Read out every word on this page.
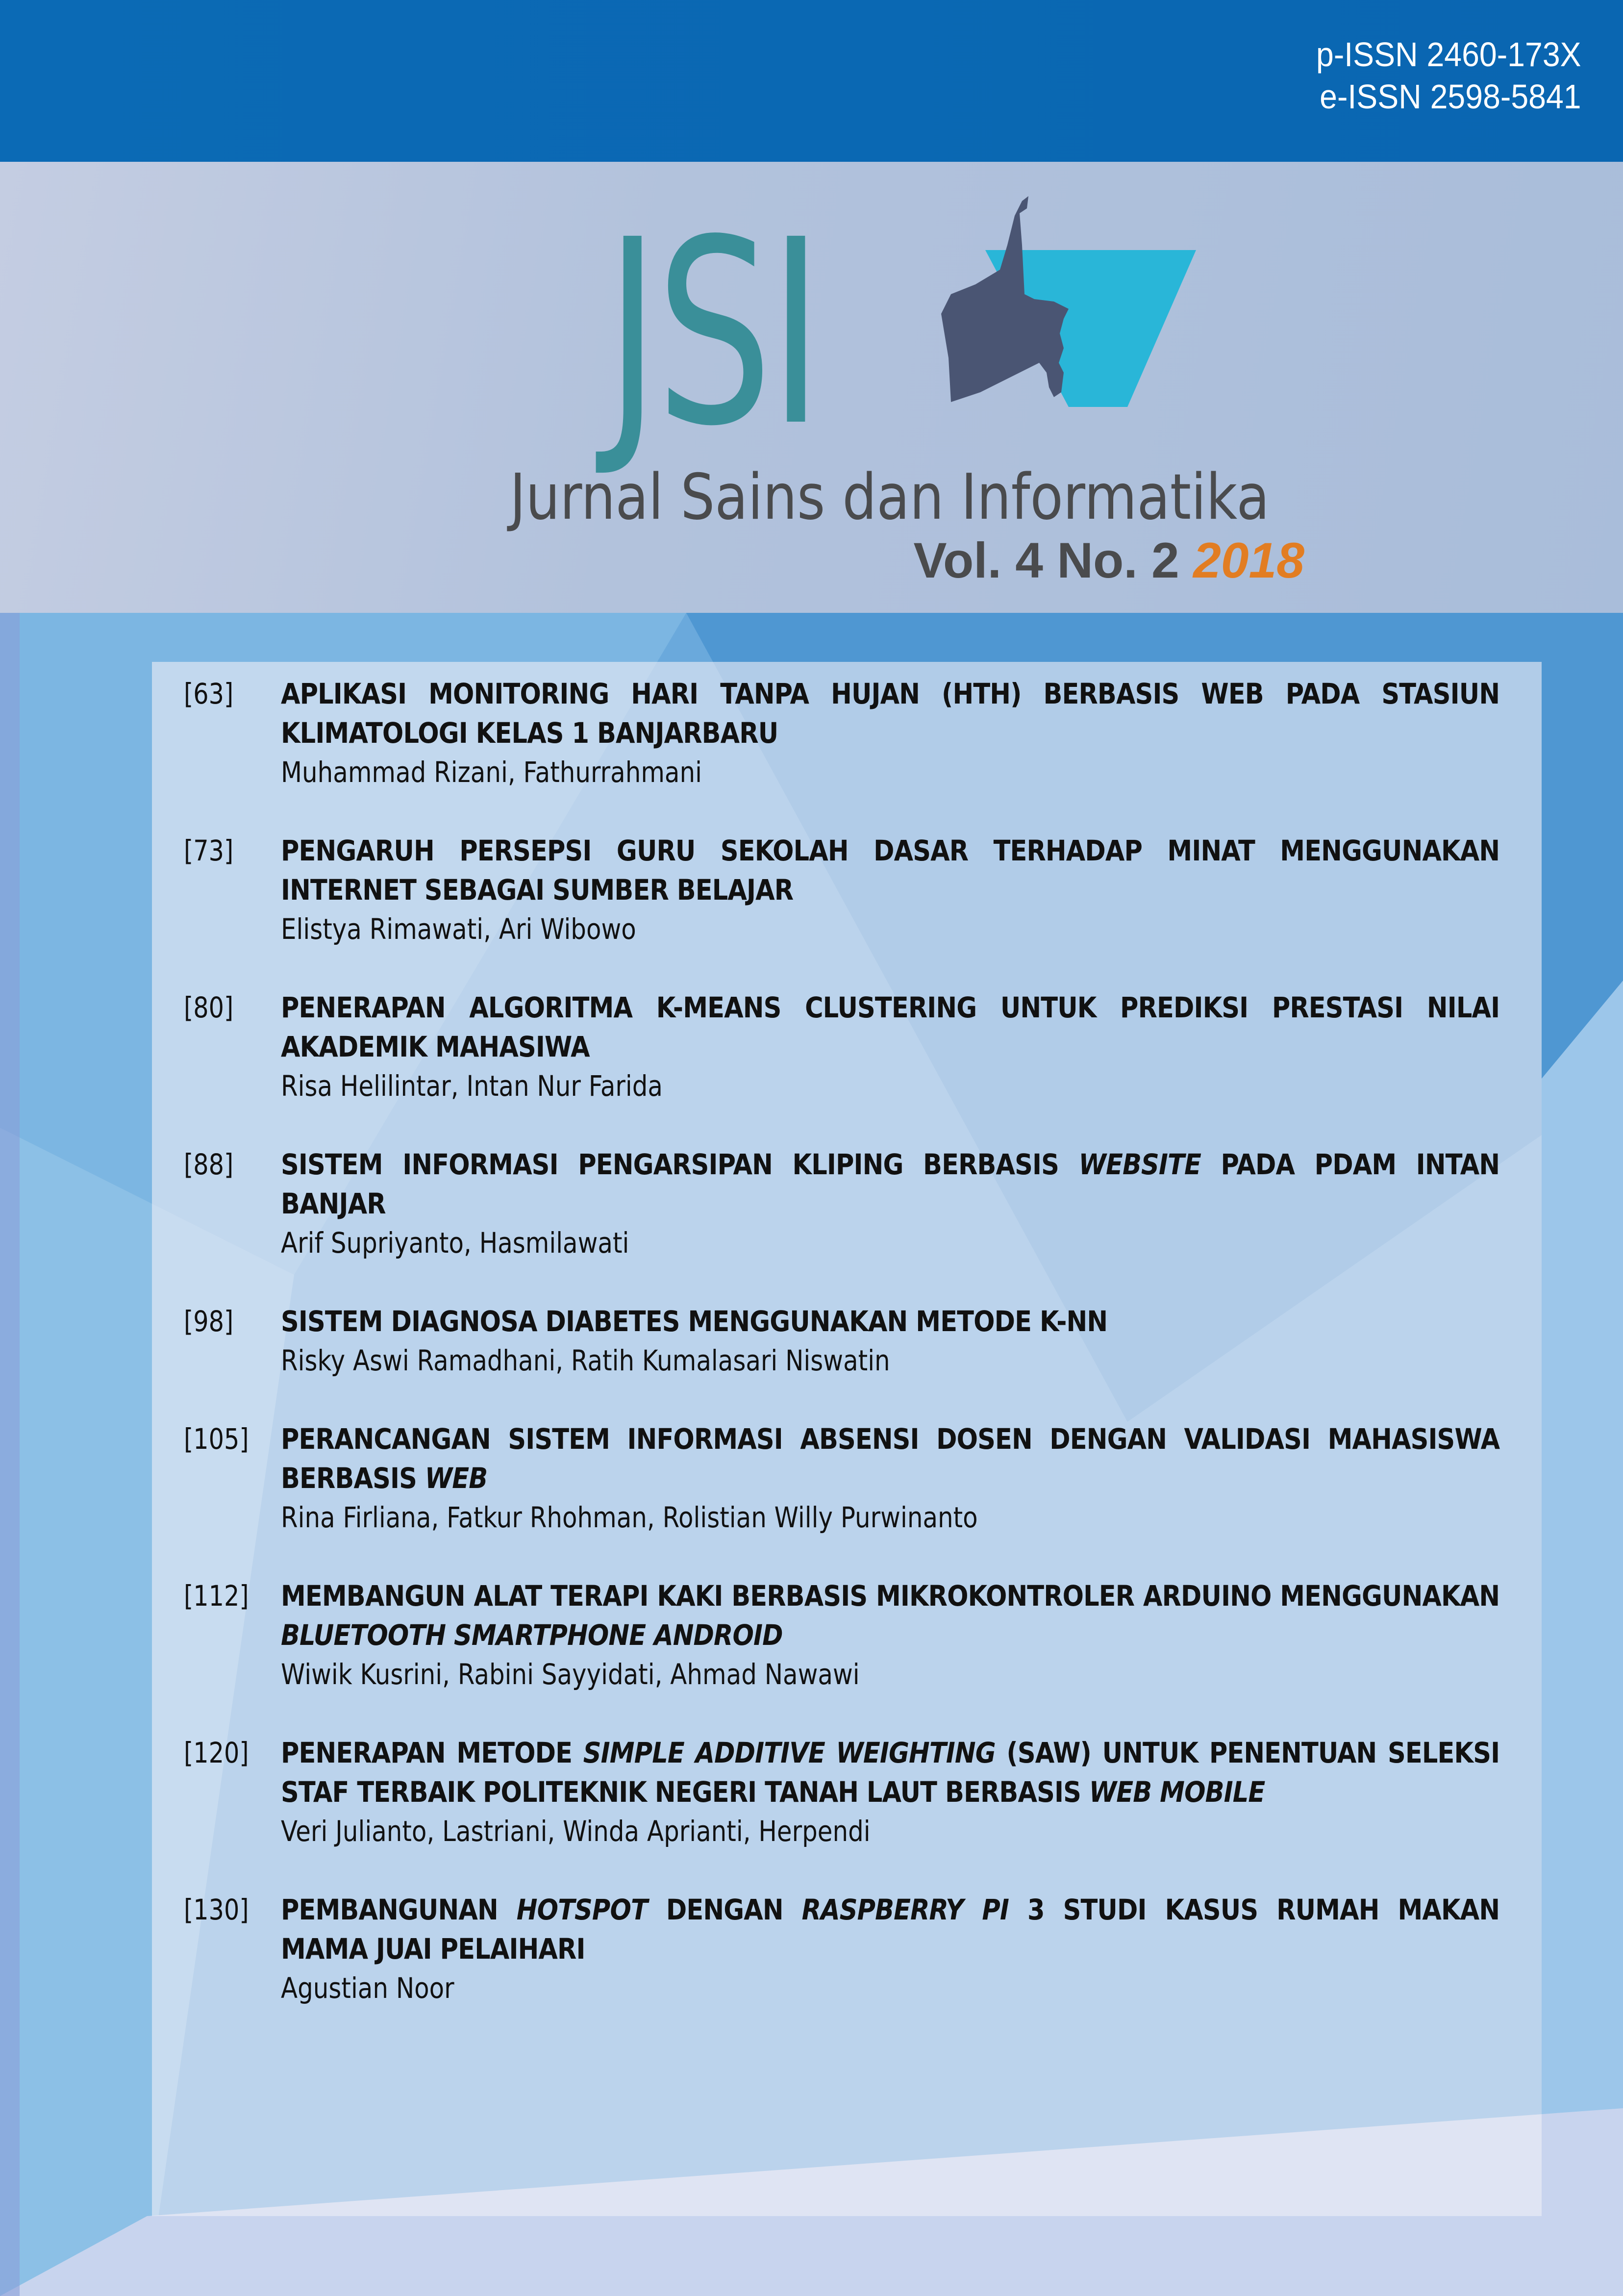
p-ISSN 2460-173X
e-ISSN 2598-5841
JSI
Jurnal Sains dan Informatika
Vol. 4 No. 2 2018
[63] APLIKASI MONITORING HARI TANPA HUJAN (HTH) BERBASIS WEB PADA STASIUN KLIMATOLOGI KELAS 1 BANJARBARU
Muhammad Rizani, Fathurrahmani
[73] PENGARUH PERSEPSI GURU SEKOLAH DASAR TERHADAP MINAT MENGGUNAKAN INTERNET SEBAGAI SUMBER BELAJAR
Elistya Rimawati, Ari Wibowo
[80] PENERAPAN ALGORITMA K-MEANS CLUSTERING UNTUK PREDIKSI PRESTASI NILAI AKADEMIK MAHASIWA
Risa Helilintar, Intan Nur Farida
[88] SISTEM INFORMASI PENGARSIPAN KLIPING BERBASIS WEBSITE PADA PDAM INTAN BANJAR
Arif Supriyanto, Hasmilawati
[98] SISTEM DIAGNOSA DIABETES MENGGUNAKAN METODE K-NN
Risky Aswi Ramadhani, Ratih Kumalasari Niswatin
[105] PERANCANGAN SISTEM INFORMASI ABSENSI DOSEN DENGAN VALIDASI MAHASISWA BERBASIS WEB
Rina Firliana, Fatkur Rhohman, Rolistian Willy Purwinanto
[112] MEMBANGUN ALAT TERAPI KAKI BERBASIS MIKROKONTROLER ARDUINO MENGGUNAKAN BLUETOOTH SMARTPHONE ANDROID
Wiwik Kusrini, Rabini Sayyidati, Ahmad Nawawi
[120] PENERAPAN METODE SIMPLE ADDITIVE WEIGHTING (SAW) UNTUK PENENTUAN SELEKSI STAF TERBAIK POLITEKNIK NEGERI TANAH LAUT BERBASIS WEB MOBILE
Veri Julianto, Lastriani, Winda Aprianti, Herpendi
[130] PEMBANGUNAN HOTSPOT DENGAN RASPBERRY PI 3 STUDI KASUS RUMAH MAKAN MAMA JUAI PELAIHARI
Agustian Noor
